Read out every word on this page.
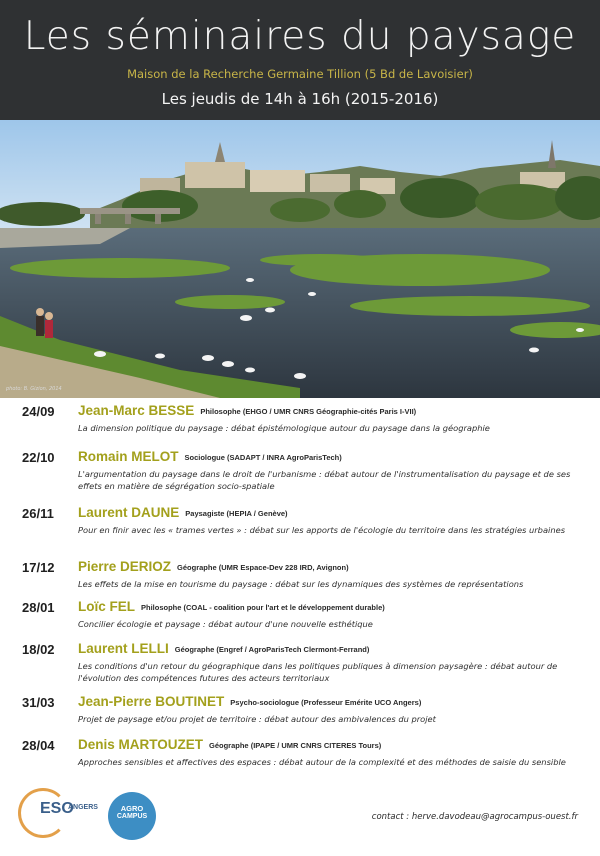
Les séminaires du paysage
Maison de la Recherche Germaine Tillion (5 Bd de Lavoisier)
Les jeudis de 14h à 16h (2015-2016)
photo: B. Gizion, 2014
24/09 Jean-Marc BESSE Philosophe (EHGO / UMR CNRS Géographie-cités Paris I-VII)
La dimension politique du paysage : débat épistémologique autour du paysage dans la géographie
22/10 Romain MELOT Sociologue (SADAPT / INRA AgroParisTech)
L'argumentation du paysage dans le droit de l'urbanisme : débat autour de l'instrumentalisation du paysage et de ses effets en matière de ségrégation socio-spatiale
26/11 Laurent DAUNE Paysagiste (HEPIA / Genève)
Pour en finir avec les « trames vertes » : débat sur les apports de l'écologie du territoire dans les stratégies urbaines
17/12 Pierre DERIOZ Géographe (UMR Espace-Dev 228 IRD, Avignon)
Les effets de la mise en tourisme du paysage : débat sur les dynamiques des systèmes de représentations
28/01 Loïc FEL Philosophe (COAL - coalition pour l'art et le développement durable)
Concilier écologie et paysage : débat autour d'une nouvelle esthétique
18/02 Laurent LELLI Géographe (Engref / AgroParisTech Clermont-Ferrand)
Les conditions d'un retour du géographique dans les politiques publiques à dimension paysagère : débat autour de l'évolution des compétences futures des acteurs territoriaux
31/03 Jean-Pierre BOUTINET Psycho-sociologue (Professeur Emérite UCO Angers)
Projet de paysage et/ou projet de territoire : débat autour des ambivalences du projet
28/04 Denis MARTOUZET Géographe (IPAPE / UMR CNRS CITERES Tours)
Approches sensibles et affectives des espaces : débat autour de la complexité et des méthodes de saisie du sensible
ESO
ANGERS	AGRO
CAMPUS	contact : herve.davodeau@agrocampus-ouest.fr
